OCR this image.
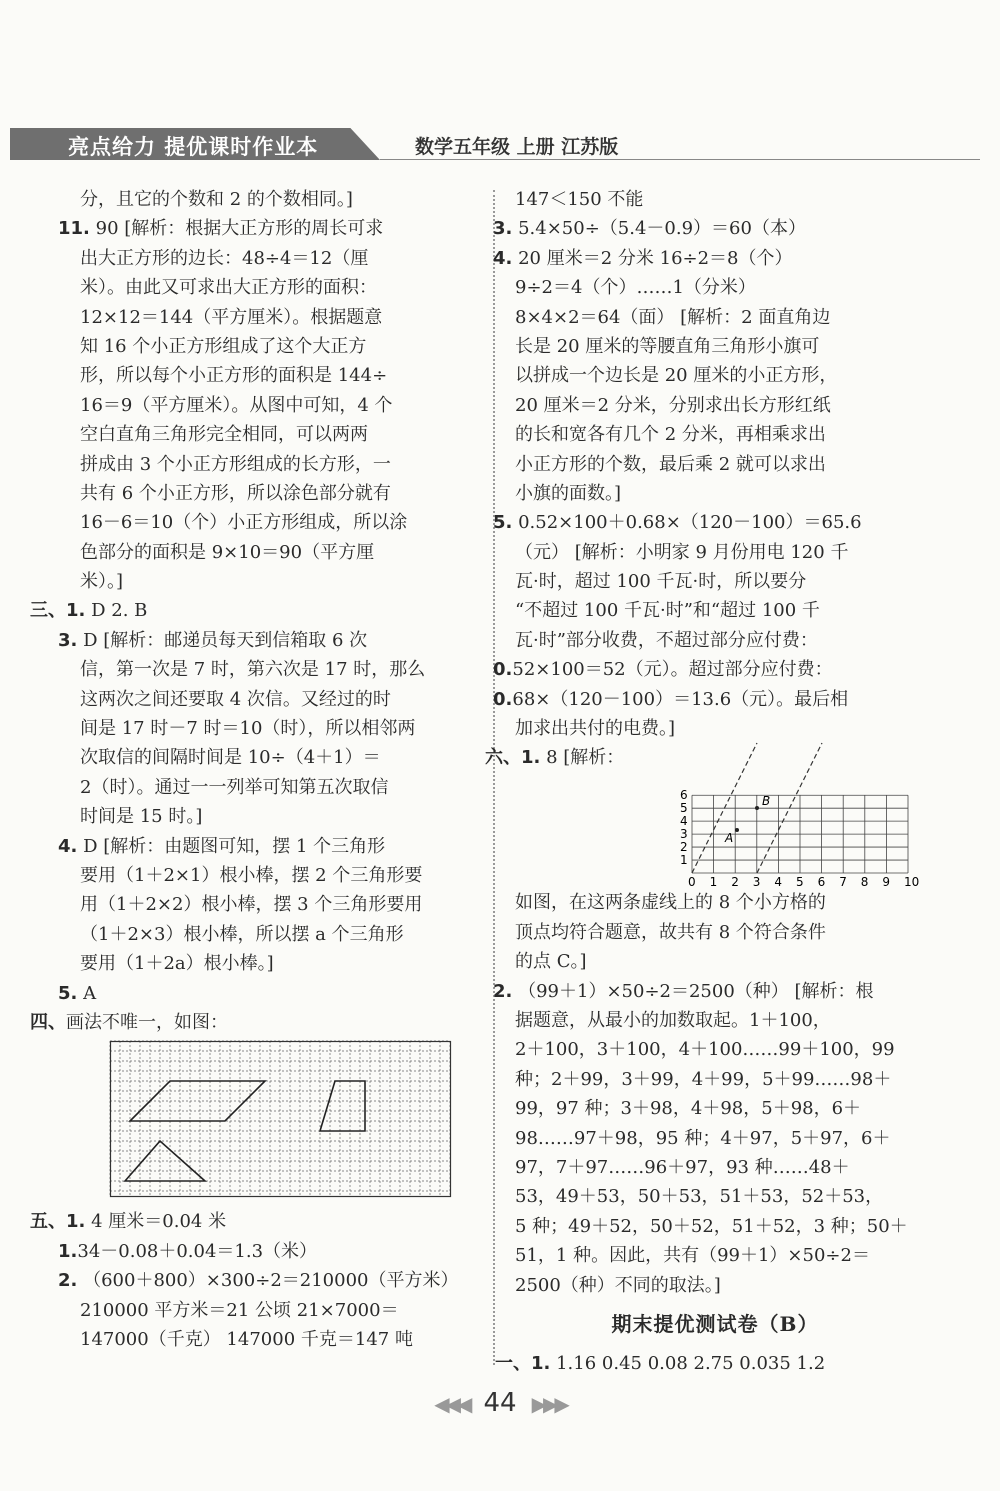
亮点给力 提优课时作业本	数学五年级 上册 江苏版
分，且它的个数和 2 的个数相同。]
11. 90 [解析：根据大正方形的周长可求
出大正方形的边长：48÷4＝12（厘
米）。由此又可求出大正方形的面积：
12×12＝144（平方厘米）。根据题意
知 16 个小正方形组成了这个大正方
形，所以每个小正方形的面积是 144÷
16＝9（平方厘米）。从图中可知，4 个
空白直角三角形完全相同，可以两两
拼成由 3 个小正方形组成的长方形，一
共有 6 个小正方形，所以涂色部分就有
16－6＝10（个）小正方形组成，所以涂
色部分的面积是 9×10＝90（平方厘
米）。]
三、1. D 2. B
3. D [解析：邮递员每天到信箱取 6 次
信，第一次是 7 时，第六次是 17 时，那么
这两次之间还要取 4 次信。又经过的时
间是 17 时－7 时＝10（时），所以相邻两
次取信的间隔时间是 10÷（4＋1）＝
2（时）。通过一一列举可知第五次取信
时间是 15 时。]
4. D [解析：由题图可知，摆 1 个三角形
要用（1＋2×1）根小棒，摆 2 个三角形要
用（1＋2×2）根小棒，摆 3 个三角形要用
（1＋2×3）根小棒，所以摆 a 个三角形
要用（1＋2a）根小棒。]
5. A
四、画法不唯一，如图：
五、1. 4 厘米＝0.04 米
1.34－0.08＋0.04＝1.3（米）
2. （600＋800）×300÷2＝210000（平方米）
210000 平方米＝21 公顷 21×7000＝
147000（千克） 147000 千克＝147 吨
147＜150 不能
3. 5.4×50÷（5.4－0.9）＝60（本）
4. 20 厘米＝2 分米 16÷2＝8（个）
9÷2＝4（个）……1（分米）
8×4×2＝64（面） [解析：2 面直角边
长是 20 厘米的等腰直角三角形小旗可
以拼成一个边长是 20 厘米的小正方形，
20 厘米＝2 分米，分别求出长方形红纸
的长和宽各有几个 2 分米，再相乘求出
小正方形的个数，最后乘 2 就可以求出
小旗的面数。]
5. 0.52×100＋0.68×（120－100）＝65.6
（元） [解析：小明家 9 月份用电 120 千
瓦·时，超过 100 千瓦·时，所以要分
“不超过 100 千瓦·时”和“超过 100 千
瓦·时”部分收费，不超过部分应付费：
0.52×100＝52（元）。超过部分应付费：
0.68×（120－100）＝13.6（元）。最后相
加求出共付的电费。]
六、1. 8 [解析：
0 1 2 3 4 5 6 7 8 9 10
1
2
3
4
5
6	B
A
如图，在这两条虚线上的 8 个小方格的
顶点均符合题意，故共有 8 个符合条件
的点 C。]
2. （99＋1）×50÷2＝2500（种） [解析：根
据题意，从最小的加数取起。1＋100，
2＋100，3＋100，4＋100……99＋100，99
种；2＋99，3＋99，4＋99，5＋99……98＋
99，97 种；3＋98，4＋98，5＋98，6＋
98……97＋98，95 种；4＋97，5＋97，6＋
97，7＋97……96＋97，93 种……48＋
53，49＋53，50＋53，51＋53，52＋53，
5 种；49＋52，50＋52，51＋52，3 种；50＋
51，1 种。因此，共有（99＋1）×50÷2＝
2500（种）不同的取法。]
期末提优测试卷（B）
一、1. 1.16 0.45 0.08 2.75 0.035 1.2
◀◀◀ 44 ▶▶▶
